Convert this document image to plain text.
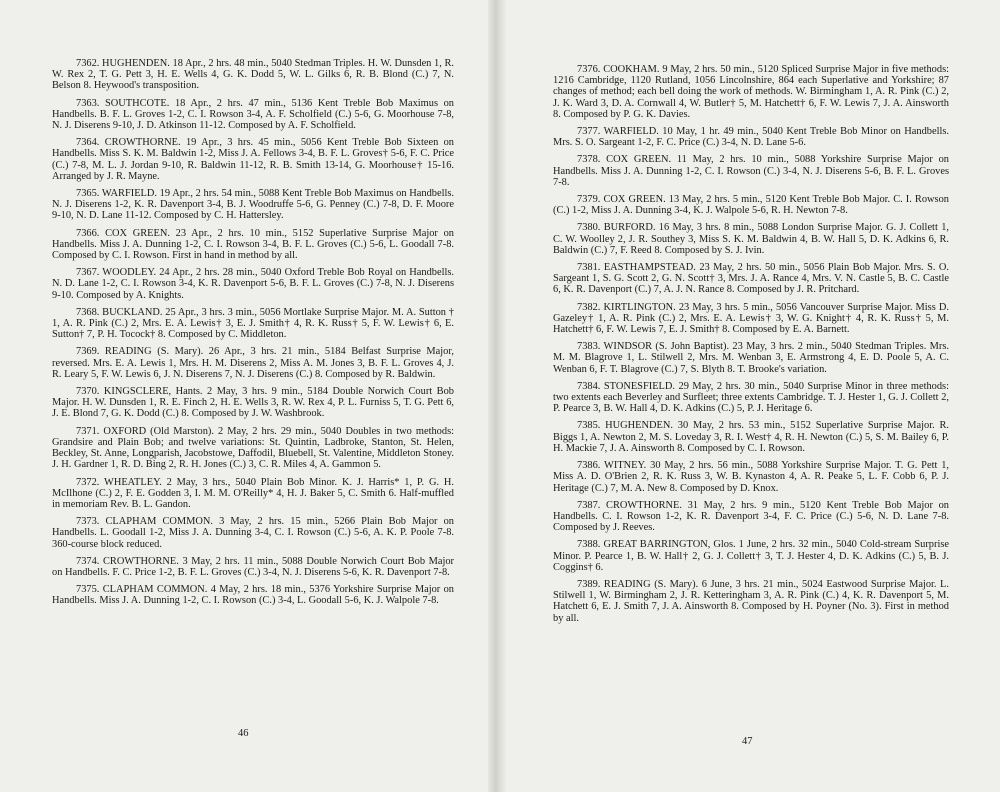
7362. HUGHENDEN. 18 Apr., 2 hrs. 48 min., 5040 Stedman Triples. H. W. Dunsden 1, R. W. Rex 2, T. G. Pett 3, H. E. Wells 4, G. K. Dodd 5, W. L. Gilks 6, R. B. Blond (C.) 7, N. Belson 8. Heywood's transposition.

7363. SOUTHCOTE. 18 Apr., 2 hrs. 47 min., 5136 Kent Treble Bob Maximus on Handbells. B. F. L. Groves 1-2, C. I. Rowson 3-4, A. F. Scholfield (C.) 5-6, G. Moorhouse 7-8, N. J. Diserens 9-10, J. D. Atkinson 11-12. Composed by A. F. Scholfield.

7364. CROWTHORNE. 19 Apr., 3 hrs. 45 min., 5056 Kent Treble Bob Sixteen on Handbells. Miss S. K. M. Baldwin 1-2, Miss J. A. Fellows 3-4, B. F. L. Groves† 5-6, F. C. Price (C.) 7-8, M. L. J. Jordan 9-10, R. Baldwin 11-12, R. B. Smith 13-14, G. Moorhouse† 15-16. Arranged by J. R. Mayne.

7365. WARFIELD. 19 Apr., 2 hrs. 54 min., 5088 Kent Treble Bob Maximus on Handbells. N. J. Diserens 1-2, K. R. Davenport 3-4, B. J. Woodruffe 5-6, G. Penney (C.) 7-8, D. F. Moore 9-10, N. D. Lane 11-12. Composed by C. H. Hattersley.

7366. COX GREEN. 23 Apr., 2 hrs. 10 min., 5152 Superlative Surprise Major on Handbells. Miss J. A. Dunning 1-2, C. I. Rowson 3-4, B. F. L. Groves (C.) 5-6, L. Goodall 7-8. Composed by C. I. Rowson. First in hand in method by all.

7367. WOODLEY. 24 Apr., 2 hrs. 28 min., 5040 Oxford Treble Bob Royal on Handbells. N. D. Lane 1-2, C. I. Rowson 3-4, K. R. Davenport 5-6, B. F. L. Groves (C.) 7-8, N. J. Diserens 9-10. Composed by A. Knights.

7368. BUCKLAND. 25 Apr., 3 hrs. 3 min., 5056 Mortlake Surprise Major. M. A. Sutton † 1, A. R. Pink (C.) 2, Mrs. E. A. Lewis† 3, E. J. Smith† 4, R. K. Russ† 5, F. W. Lewis† 6, E. Sutton† 7, P. H. Tocock† 8. Composed by C. Middleton.

7369. READING (S. Mary). 26 Apr., 3 hrs. 21 min., 5184 Belfast Surprise Major, reversed. Mrs. E. A. Lewis 1, Mrs. H. M. Diserens 2, Miss A. M. Jones 3, B. F. L. Groves 4, J. R. Leary 5, F. W. Lewis 6, J. N. Diserens 7, N. J. Diserens (C.) 8. Composed by R. Baldwin.

7370. KINGSCLERE, Hants. 2 May, 3 hrs. 9 min., 5184 Double Norwich Court Bob Major. H. W. Dunsden 1, R. E. Finch 2, H. E. Wells 3, R. W. Rex 4, P. L. Furniss 5, T. G. Pett 6, J. E. Blond 7, G. K. Dodd (C.) 8. Composed by J. W. Washbrook.

7371. OXFORD (Old Marston). 2 May, 2 hrs. 29 min., 5040 Doubles in two methods: Grandsire and Plain Bob; and twelve variations: St. Quintin, Ladbroke, Stanton, St. Helen, Beckley, St. Anne, Longparish, Jacobstowe, Daffodil, Bluebell, St. Valentine, Middleton Stoney. J. H. Gardner 1, R. D. Bing 2, R. H. Jones (C.) 3, C. R. Miles 4, A. Gammon 5.

7372. WHEATLEY. 2 May, 3 hrs., 5040 Plain Bob Minor. K. J. Harris* 1, P. G. H. McIlhone (C.) 2, F. E. Godden 3, I. M. M. O'Reilly* 4, H. J. Baker 5, C. Smith 6. Half-muffled in memoriam Rev. B. L. Gandon.

7373. CLAPHAM COMMON. 3 May, 2 hrs. 15 min., 5266 Plain Bob Major on Handbells. L. Goodall 1-2, Miss J. A. Dunning 3-4, C. I. Rowson (C.) 5-6, A. K. P. Poole 7-8. 360-course block reduced.

7374. CROWTHORNE. 3 May, 2 hrs. 11 min., 5088 Double Norwich Court Bob Major on Handbells. F. C. Price 1-2, B. F. L. Groves (C.) 3-4, N. J. Diserens 5-6, K. R. Davenport 7-8.

7375. CLAPHAM COMMON. 4 May, 2 hrs. 18 min., 5376 Yorkshire Surprise Major on Handbells. Miss J. A. Dunning 1-2, C. I. Rowson (C.) 3-4, L. Goodall 5-6, K. J. Walpole 7-8.

46

7376. COOKHAM. 9 May, 2 hrs. 50 min., 5120 Spliced Surprise Major in five methods: 1216 Cambridge, 1120 Rutland, 1056 Lincolnshire, 864 each Superlative and Yorkshire; 87 changes of method; each bell doing the work of methods. W. Birmingham 1, A. R. Pink (C.) 2, J. K. Ward 3, D. A. Cornwall 4, W. Butler† 5, M. Hatchett† 6, F. W. Lewis 7, J. A. Ainsworth 8. Composed by P. G. K. Davies.

7377. WARFIELD. 10 May, 1 hr. 49 min., 5040 Kent Treble Bob Minor on Handbells. Mrs. S. O. Sargeant 1-2, F. C. Price (C.) 3-4, N. D. Lane 5-6.

7378. COX GREEN. 11 May, 2 hrs. 10 min., 5088 Yorkshire Surprise Major on Handbells. Miss J. A. Dunning 1-2, C. I. Rowson (C.) 3-4, N. J. Diserens 5-6, B. F. L. Groves 7-8.

7379. COX GREEN. 13 May, 2 hrs. 5 min., 5120 Kent Treble Bob Major. C. I. Rowson (C.) 1-2, Miss J. A. Dunning 3-4, K. J. Walpole 5-6, R. H. Newton 7-8.

7380. BURFORD. 16 May, 3 hrs. 8 min., 5088 London Surprise Major. G. J. Collett 1, C. W. Woolley 2, J. R. Southey 3, Miss S. K. M. Baldwin 4, B. W. Hall 5, D. K. Adkins 6, R. Baldwin (C.) 7, F. Reed 8. Composed by S. J. Ivin.

7381. EASTHAMPSTEAD. 23 May, 2 hrs. 50 min., 5056 Plain Bob Major. Mrs. S. O. Sargeant 1, S. G. Scott 2, G. N. Scott† 3, Mrs. J. A. Rance 4, Mrs. V. N. Castle 5, B. C. Castle 6, K. R. Davenport (C.) 7, A. J. N. Rance 8. Composed by J. R. Pritchard.

7382. KIRTLINGTON. 23 May, 3 hrs. 5 min., 5056 Vancouver Surprise Major. Miss D. Gazeley† 1, A. R. Pink (C.) 2, Mrs. E. A. Lewis† 3, W. G. Knight† 4, R. K. Russ† 5, M. Hatchett† 6, F. W. Lewis 7, E. J. Smith† 8. Composed by E. A. Barnett.

7383. WINDSOR (S. John Baptist). 23 May, 3 hrs. 2 min., 5040 Stedman Triples. Mrs. M. M. Blagrove 1, L. Stilwell 2, Mrs. M. Wenban 3, E. Armstrong 4, E. D. Poole 5, A. C. Wenban 6, F. T. Blagrove (C.) 7, S. Blyth 8. T. Brooke's variation.

7384. STONESFIELD. 29 May, 2 hrs. 30 min., 5040 Surprise Minor in three methods: two extents each Beverley and Surfleet; three extents Cambridge. T. J. Hester 1, G. J. Collett 2, P. Pearce 3, B. W. Hall 4, D. K. Adkins (C.) 5, P. J. Heritage 6.

7385. HUGHENDEN. 30 May, 2 hrs. 53 min., 5152 Superlative Surprise Major. R. Biggs 1, A. Newton 2, M. S. Loveday 3, R. I. West† 4, R. H. Newton (C.) 5, S. M. Bailey 6, P. H. Mackie 7, J. A. Ainsworth 8. Composed by C. I. Rowson.

7386. WITNEY. 30 May, 2 hrs. 56 min., 5088 Yorkshire Surprise Major. T. G. Pett 1, Miss A. D. O'Brien 2, R. K. Russ 3, W. B. Kynaston 4, A. R. Peake 5, L. F. Cobb 6, P. J. Heritage (C.) 7, M. A. New 8. Composed by D. Knox.

7387. CROWTHORNE. 31 May, 2 hrs. 9 min., 5120 Kent Treble Bob Major on Handbells. C. I. Rowson 1-2, K. R. Davenport 3-4, F. C. Price (C.) 5-6, N. D. Lane 7-8. Composed by J. Reeves.

7388. GREAT BARRINGTON, Glos. 1 June, 2 hrs. 32 min., 5040 Cold-stream Surprise Minor. P. Pearce 1, B. W. Hall† 2, G. J. Collett† 3, T. J. Hester 4, D. K. Adkins (C.) 5, B. J. Coggins† 6.

7389. READING (S. Mary). 6 June, 3 hrs. 21 min., 5024 Eastwood Surprise Major. L. Stilwell 1, W. Birmingham 2, J. R. Ketteringham 3, A. R. Pink (C.) 4, K. R. Davenport 5, M. Hatchett 6, E. J. Smith 7, J. A. Ainsworth 8. Composed by H. Poyner (No. 3). First in method by all.

47
